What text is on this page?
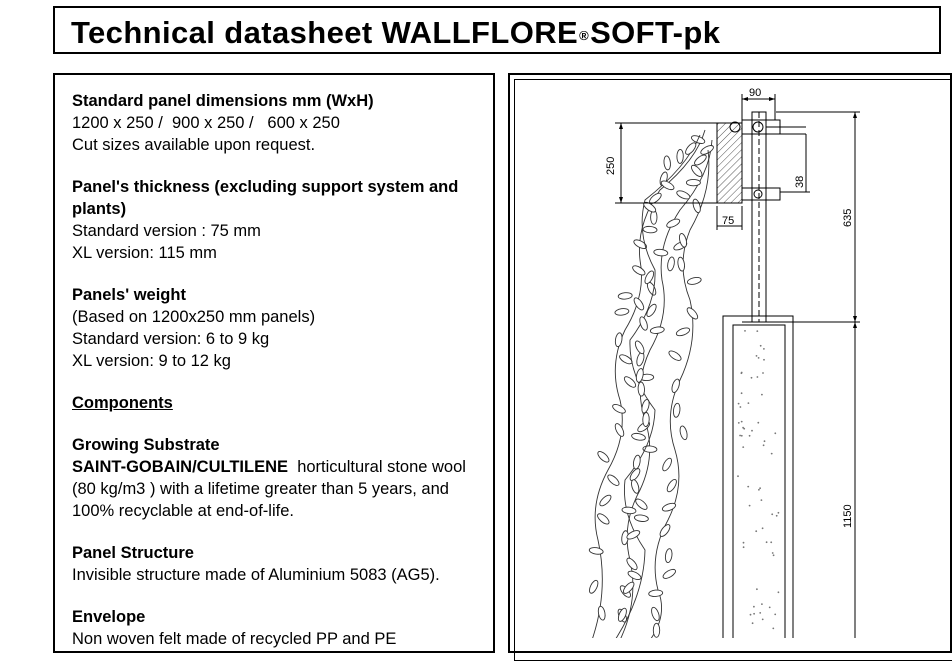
Technical datasheet WALLFLORE®SOFT-pk
Standard panel dimensions mm (WxH)
1200 x 250 /  900 x 250 /   600 x 250
Cut sizes available upon request.
Panel's thickness (excluding support system and plants)
Standard version : 75 mm
XL version: 115 mm
Panels' weight
(Based on 1200x250 mm panels)
Standard version: 6 to 9 kg
XL version: 9 to 12 kg
Components
Growing Substrate
SAINT-GOBAIN/CULTILENE  horticultural stone wool (80 kg/m3 ) with a lifetime greater than 5 years, and 100% recyclable at end-of-life.
Panel Structure
Invisible structure made of Aluminium 5083 (AG5).
Envelope
Non woven felt made of recycled PP and PE
90
250
38
75	635
1150
